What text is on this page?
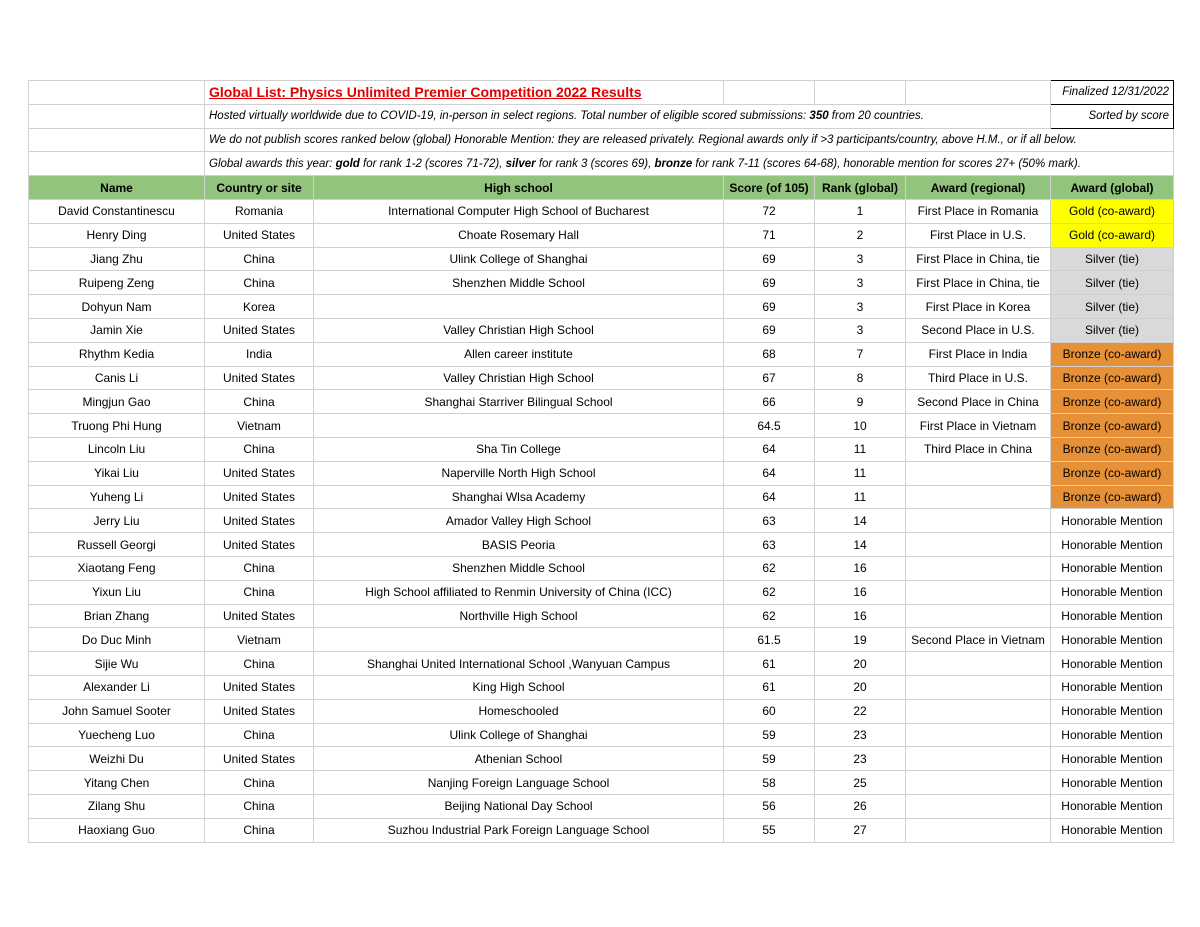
	Global List: Physics Unlimited Premier Competition 2022 Results					Finalized 12/31/2022
	Hosted virtually worldwide due to COVID-19, in-person in select regions. Total number of eligible scored submissions: 350 from 20 countries.					Sorted by score
	We do not publish scores ranked below (global) Honorable Mention: they are released privately. Regional awards only if >3 participants/country, above H.M., or if all below.					
	Global awards this year: gold for rank 1-2 (scores 71-72), silver for rank 3 (scores 69), bronze for rank 7-11 (scores 64-68), honorable mention for scores 27+ (50% mark).					
Name	Country or site	High school	Score (of 105)	Rank (global)	Award (regional)	Award (global)
David Constantinescu	Romania	International Computer High School of Bucharest	72	1	First Place in Romania	Gold (co-award)
Henry Ding	United States	Choate Rosemary Hall	71	2	First Place in U.S.	Gold (co-award)
Jiang Zhu	China	Ulink College of Shanghai	69	3	First Place in China, tie	Silver (tie)
Ruipeng Zeng	China	Shenzhen Middle School	69	3	First Place in China, tie	Silver (tie)
Dohyun Nam	Korea		69	3	First Place in Korea	Silver (tie)
Jamin Xie	United States	Valley Christian High School	69	3	Second Place in U.S.	Silver (tie)
Rhythm Kedia	India	Allen career institute	68	7	First Place in India	Bronze (co-award)
Canis Li	United States	Valley Christian High School	67	8	Third Place in U.S.	Bronze (co-award)
Mingjun Gao	China	Shanghai Starriver Bilingual School	66	9	Second Place in China	Bronze (co-award)
Truong Phi Hung	Vietnam		64.5	10	First Place in Vietnam	Bronze (co-award)
Lincoln Liu	China	Sha Tin College	64	11	Third Place in China	Bronze (co-award)
Yikai Liu	United States	Naperville North High School	64	11		Bronze (co-award)
Yuheng Li	United States	Shanghai Wlsa Academy	64	11		Bronze (co-award)
Jerry Liu	United States	Amador Valley High School	63	14		Honorable Mention
Russell Georgi	United States	BASIS Peoria	63	14		Honorable Mention
Xiaotang Feng	China	Shenzhen Middle School	62	16		Honorable Mention
Yixun Liu	China	High School affiliated to Renmin University of China (ICC)	62	16		Honorable Mention
Brian Zhang	United States	Northville High School	62	16		Honorable Mention
Do Duc Minh	Vietnam		61.5	19	Second Place in Vietnam	Honorable Mention
Sijie Wu	China	Shanghai United International School ,Wanyuan Campus	61	20		Honorable Mention
Alexander Li	United States	King High School	61	20		Honorable Mention
John Samuel Sooter	United States	Homeschooled	60	22		Honorable Mention
Yuecheng Luo	China	Ulink College of Shanghai	59	23		Honorable Mention
Weizhi Du	United States	Athenian School	59	23		Honorable Mention
Yitang Chen	China	Nanjing Foreign Language School	58	25		Honorable Mention
Zilang Shu	China	Beijing National Day School	56	26		Honorable Mention
Haoxiang Guo	China	Suzhou Industrial Park Foreign Language School	55	27		Honorable Mention
